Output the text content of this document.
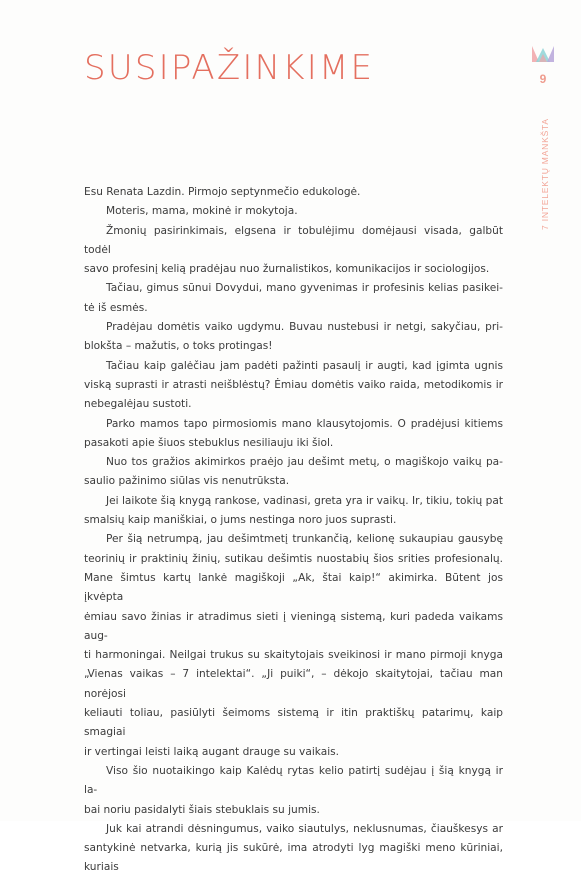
SUSIPAŽINKIME	9
7 INTELEKTŲ MANKŠTA

Esu Renata Lazdin. Pirmojo septynmečio edukologė.

Moteris, mama, mokinė ir mokytoja.

Žmonių pasirinkimais, elgsena ir tobulėjimu domėjausi visada, galbūt todėl
savo profesinį kelią pradėjau nuo žurnalistikos, komunikacijos ir sociologijos.

Tačiau, gimus sūnui Dovydui, mano gyvenimas ir profesinis kelias pasikei-
tė iš esmės.

Pradėjau domėtis vaiko ugdymu. Buvau nustebusi ir netgi, sakyčiau, pri-
blokšta – mažutis, o toks protingas!

Tačiau kaip galėčiau jam padėti pažinti pasaulį ir augti, kad įgimta ugnis
viską suprasti ir atrasti neišblėstų? Ėmiau domėtis vaiko raida, metodikomis ir
nebegalėjau sustoti.

Parko mamos tapo pirmosiomis mano klausytojomis. O pradėjusi kitiems
pasakoti apie šiuos stebuklus nesiliauju iki šiol.

Nuo tos gražios akimirkos praėjo jau dešimt metų, o magiškojo vaikų pa-
saulio pažinimo siūlas vis nenutrūksta.

Jei laikote šią knygą rankose, vadinasi, greta yra ir vaikų. Ir, tikiu, tokių pat
smalsių kaip maniškiai, o jums nestinga noro juos suprasti.

Per šią netrumpą, jau dešimtmetį trunkančią, kelionę sukaupiau gausybę
teorinių ir praktinių žinių, sutikau dešimtis nuostabių šios srities profesionalų.
Mane šimtus kartų lankė magiškoji „Ak, štai kaip!“ akimirka. Būtent jos įkvėpta
ėmiau savo žinias ir atradimus sieti į vieningą sistemą, kuri padeda vaikams aug-
ti harmoningai. Neilgai trukus su skaitytojais sveikinosi ir mano pirmoji knyga
„Vienas vaikas – 7 intelektai“. „Ji puiki“, – dėkojo skaitytojai, tačiau man norėjosi
keliauti toliau, pasiūlyti šeimoms sistemą ir itin praktiškų patarimų, kaip smagiai
ir vertingai leisti laiką augant drauge su vaikais.

Viso šio nuotaikingo kaip Kalėdų rytas kelio patirtį sudėjau į šią knygą ir la-
bai noriu pasidalyti šiais stebuklais su jumis.

Juk kai atrandi dėsningumus, vaiko siautulys, neklusnumas, čiauškesys ar
santykinė netvarka, kurią jis sukūrė, ima atrodyti lyg magiški meno kūriniai, kuriais
